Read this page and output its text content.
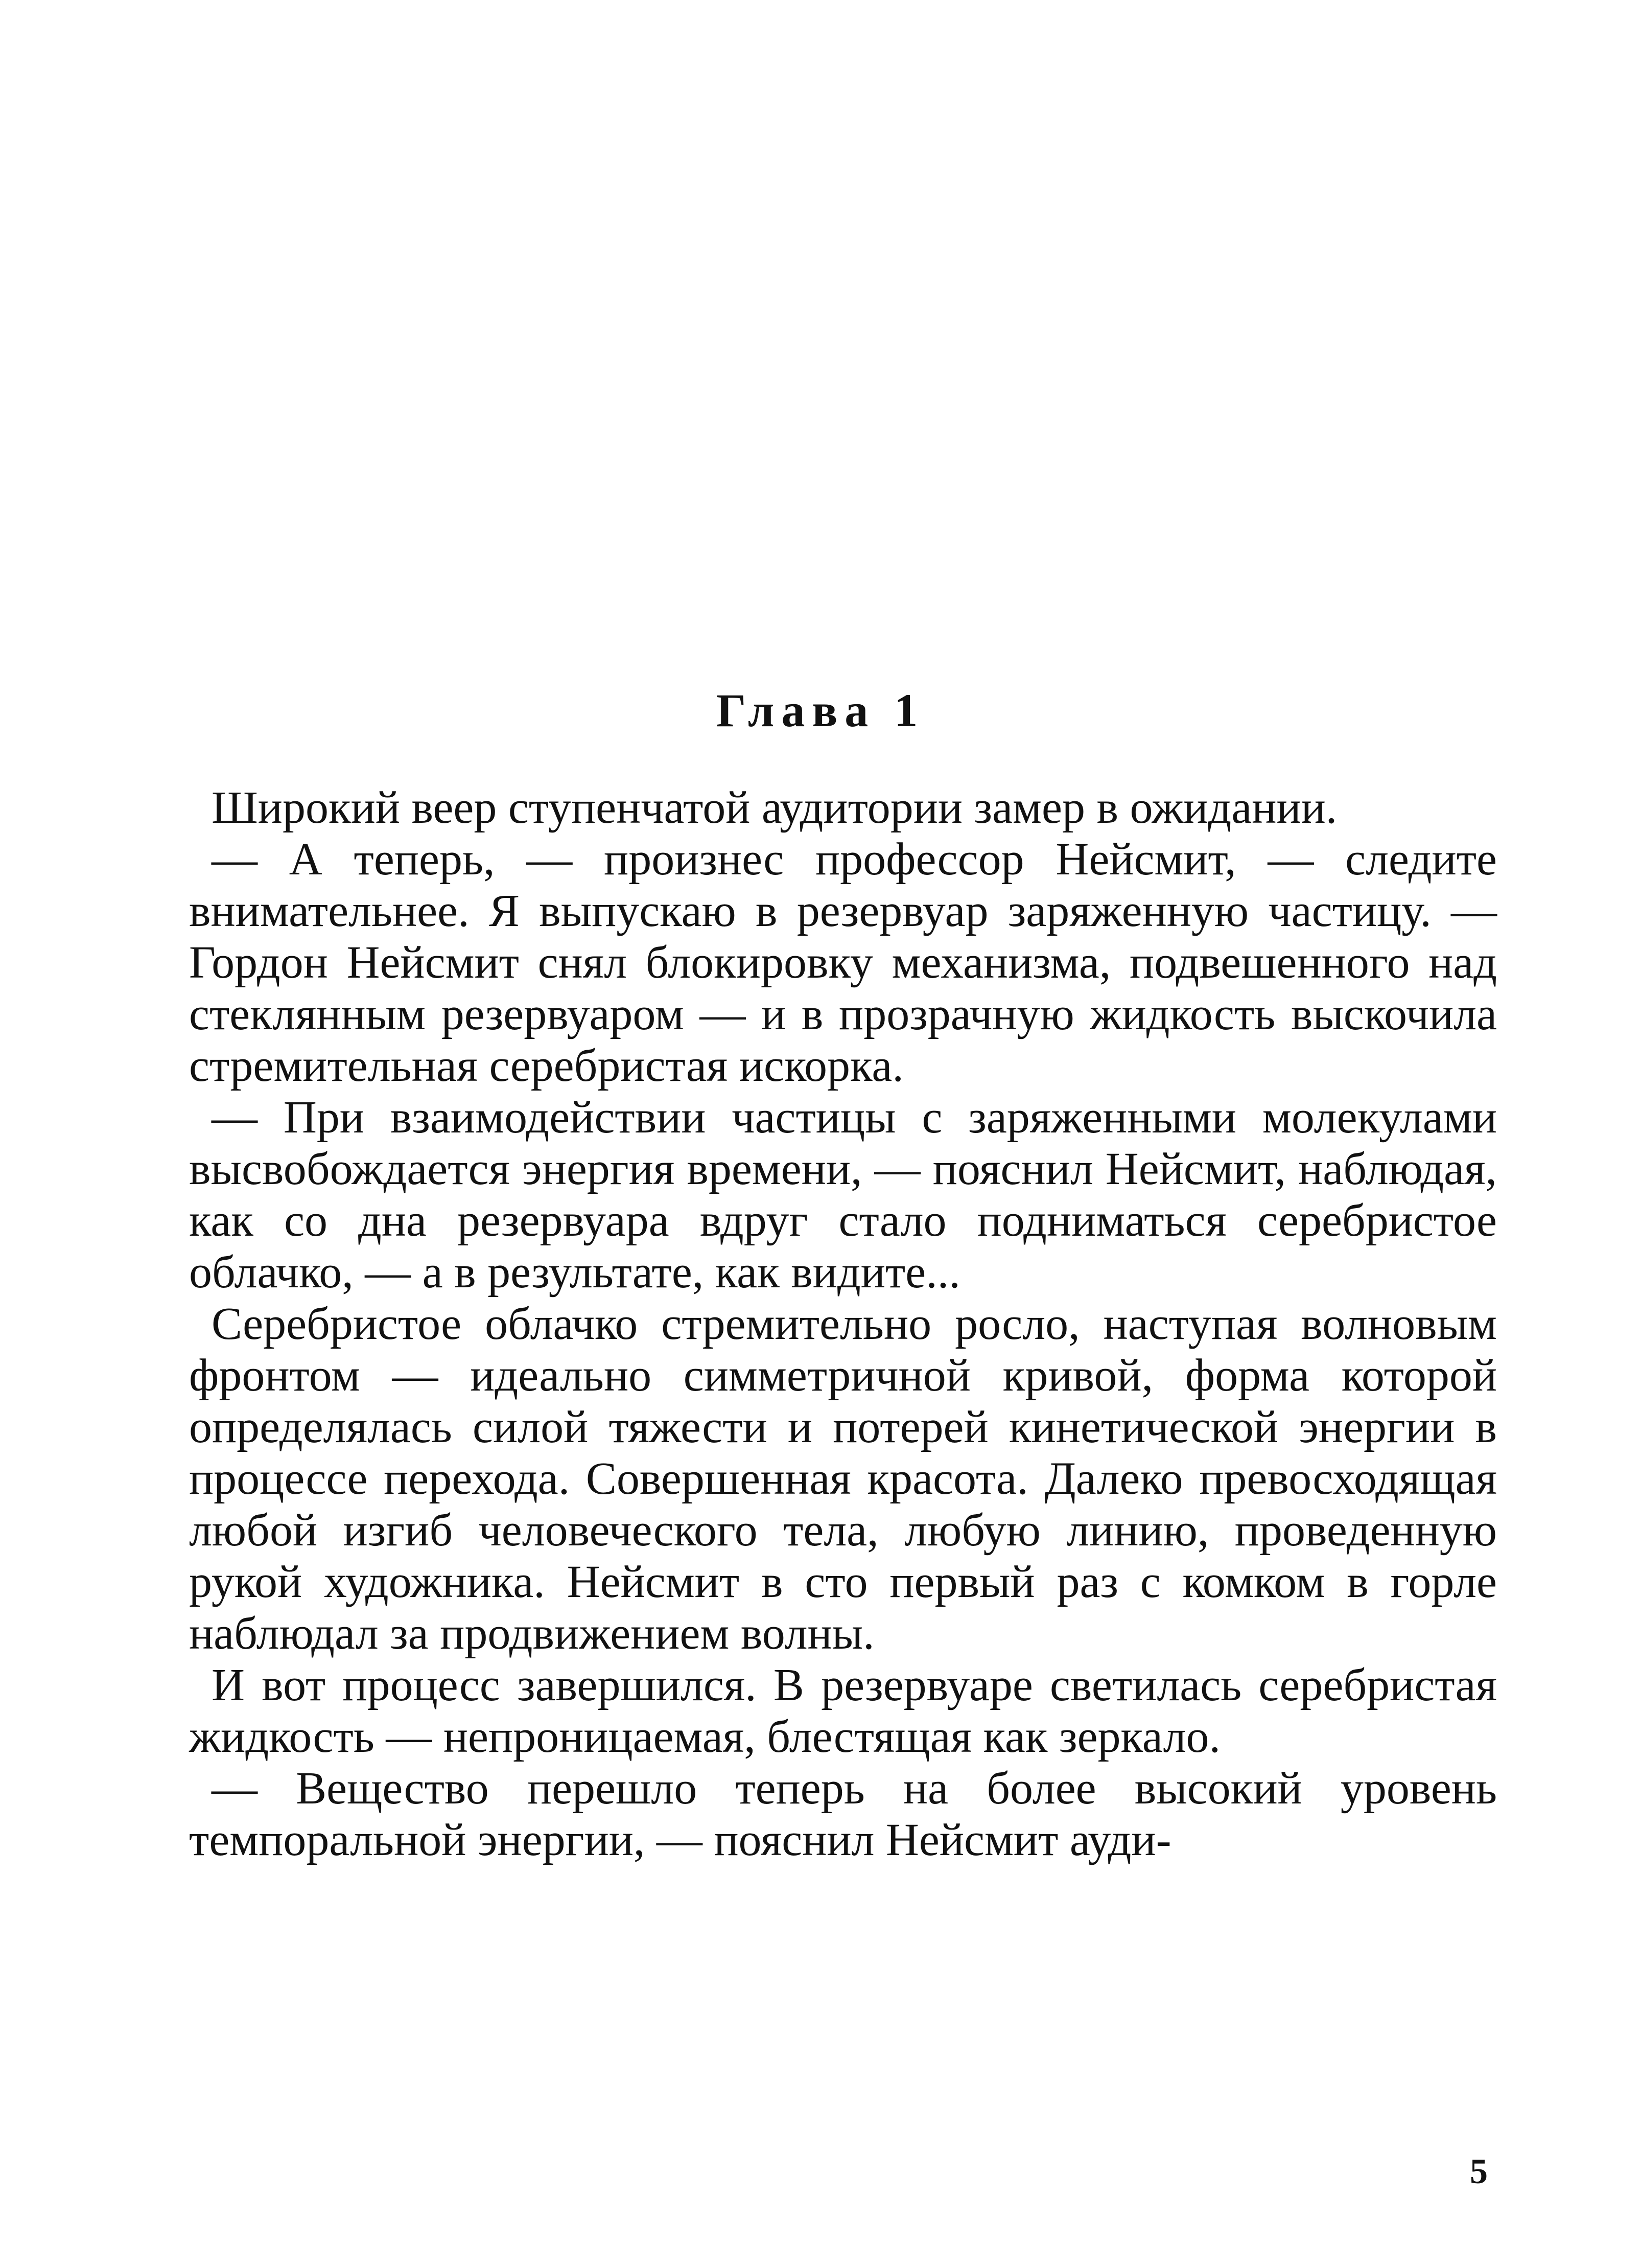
Глава 1

Широкий веер ступенчатой аудитории замер в ожидании.

— А теперь, — произнес профессор Нейсмит, — следите внимательнее. Я выпускаю в резервуар заряженную частицу. — Гордон Нейсмит снял блокировку механизма, подвешенного над стеклянным резервуаром — и в прозрачную жидкость выскочила стремительная серебристая искорка.

— При взаимодействии частицы с заряженными молекулами высвобождается энергия времени, — пояснил Нейсмит, наблюдая, как со дна резервуара вдруг стало подниматься серебристое облачко, — а в результате, как видите...

Серебристое облачко стремительно росло, наступая волновым фронтом — идеально симметричной кривой, форма которой определялась силой тяжести и потерей кинетической энергии в процессе перехода. Совершенная красота. Далеко превосходящая любой изгиб человеческого тела, любую линию, проведенную рукой художника. Нейсмит в сто первый раз с комком в горле наблюдал за продвижением волны.

И вот процесс завершился. В резервуаре светилась серебристая жидкость — непроницаемая, блестящая как зеркало.

— Вещество перешло теперь на более высокий уровень темпоральной энергии, — пояснил Нейсмит ауди-

5
